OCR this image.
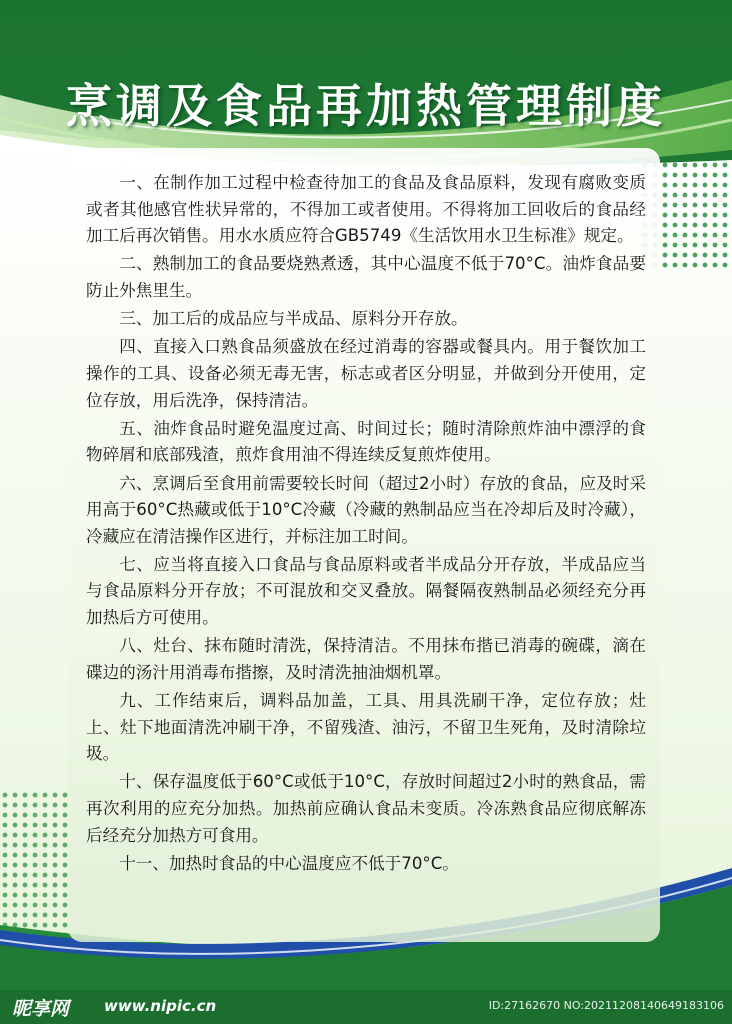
烹调及食品再加热管理制度

一、在制作加工过程中检查待加工的食品及食品原料，发现有腐败变质或者其他感官性状异常的，不得加工或者使用。不得将加工回收后的食品经加工后再次销售。用水水质应符合GB5749《生活饮用水卫生标准》规定。

二、熟制加工的食品要烧熟煮透，其中心温度不低于70°C。油炸食品要防止外焦里生。

三、加工后的成品应与半成品、原料分开存放。

四、直接入口熟食品须盛放在经过消毒的容器或餐具内。用于餐饮加工操作的工具、设备必须无毒无害，标志或者区分明显，并做到分开使用，定位存放，用后洗净，保持清洁。

五、油炸食品时避免温度过高、时间过长；随时清除煎炸油中漂浮的食物碎屑和底部残渣，煎炸食用油不得连续反复煎炸使用。

六、烹调后至食用前需要较长时间（超过2小时）存放的食品，应及时采用高于60°C热藏或低于10°C冷藏（冷藏的熟制品应当在冷却后及时冷藏），冷藏应在清洁操作区进行，并标注加工时间。

七、应当将直接入口食品与食品原料或者半成品分开存放，半成品应当与食品原料分开存放；不可混放和交叉叠放。隔餐隔夜熟制品必须经充分再加热后方可使用。

八、灶台、抹布随时清洗，保持清洁。不用抹布揩已消毒的碗碟，滴在碟边的汤汁用消毒布揩擦，及时清洗抽油烟机罩。

九、工作结束后，调料品加盖，工具、用具洗刷干净，定位存放；灶上、灶下地面清洗冲刷干净，不留残渣、油污，不留卫生死角，及时清除垃圾。

十、保存温度低于60°C或低于10°C，存放时间超过2小时的熟食品，需再次利用的应充分加热。加热前应确认食品未变质。冷冻熟食品应彻底解冻后经充分加热方可食用。

十一、加热时食品的中心温度应不低于70°C。

昵享网 www.nipic.cn	ID:27162670 NO:20211208140649183106
